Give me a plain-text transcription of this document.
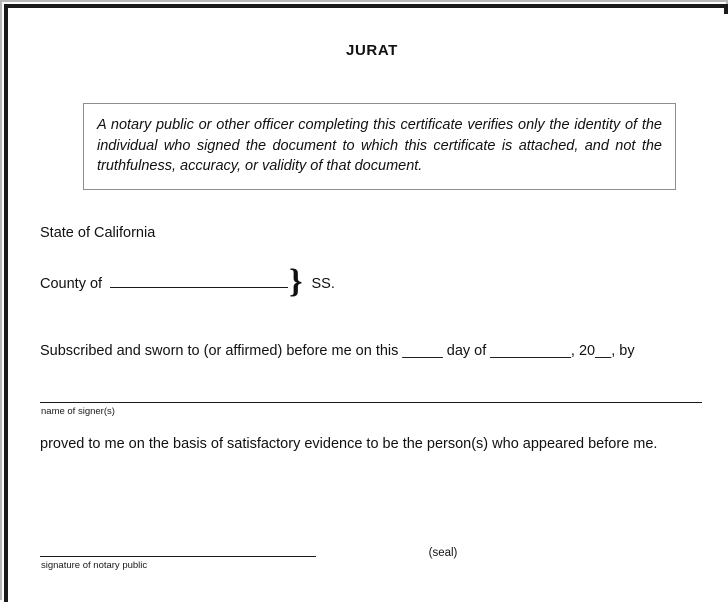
JURAT

A notary public or other officer completing this certificate verifies only the identity of the individual who signed the document to which this certificate is attached, and not the truthfulness, accuracy, or validity of that document.

State of California
County of	} SS.
Subscribed and sworn to (or affirmed) before me on this _____ day of __________, 20__, by
name of signer(s)
proved to me on the basis of satisfactory evidence to be the person(s) who appeared before me.
signature of notary public
(seal)
